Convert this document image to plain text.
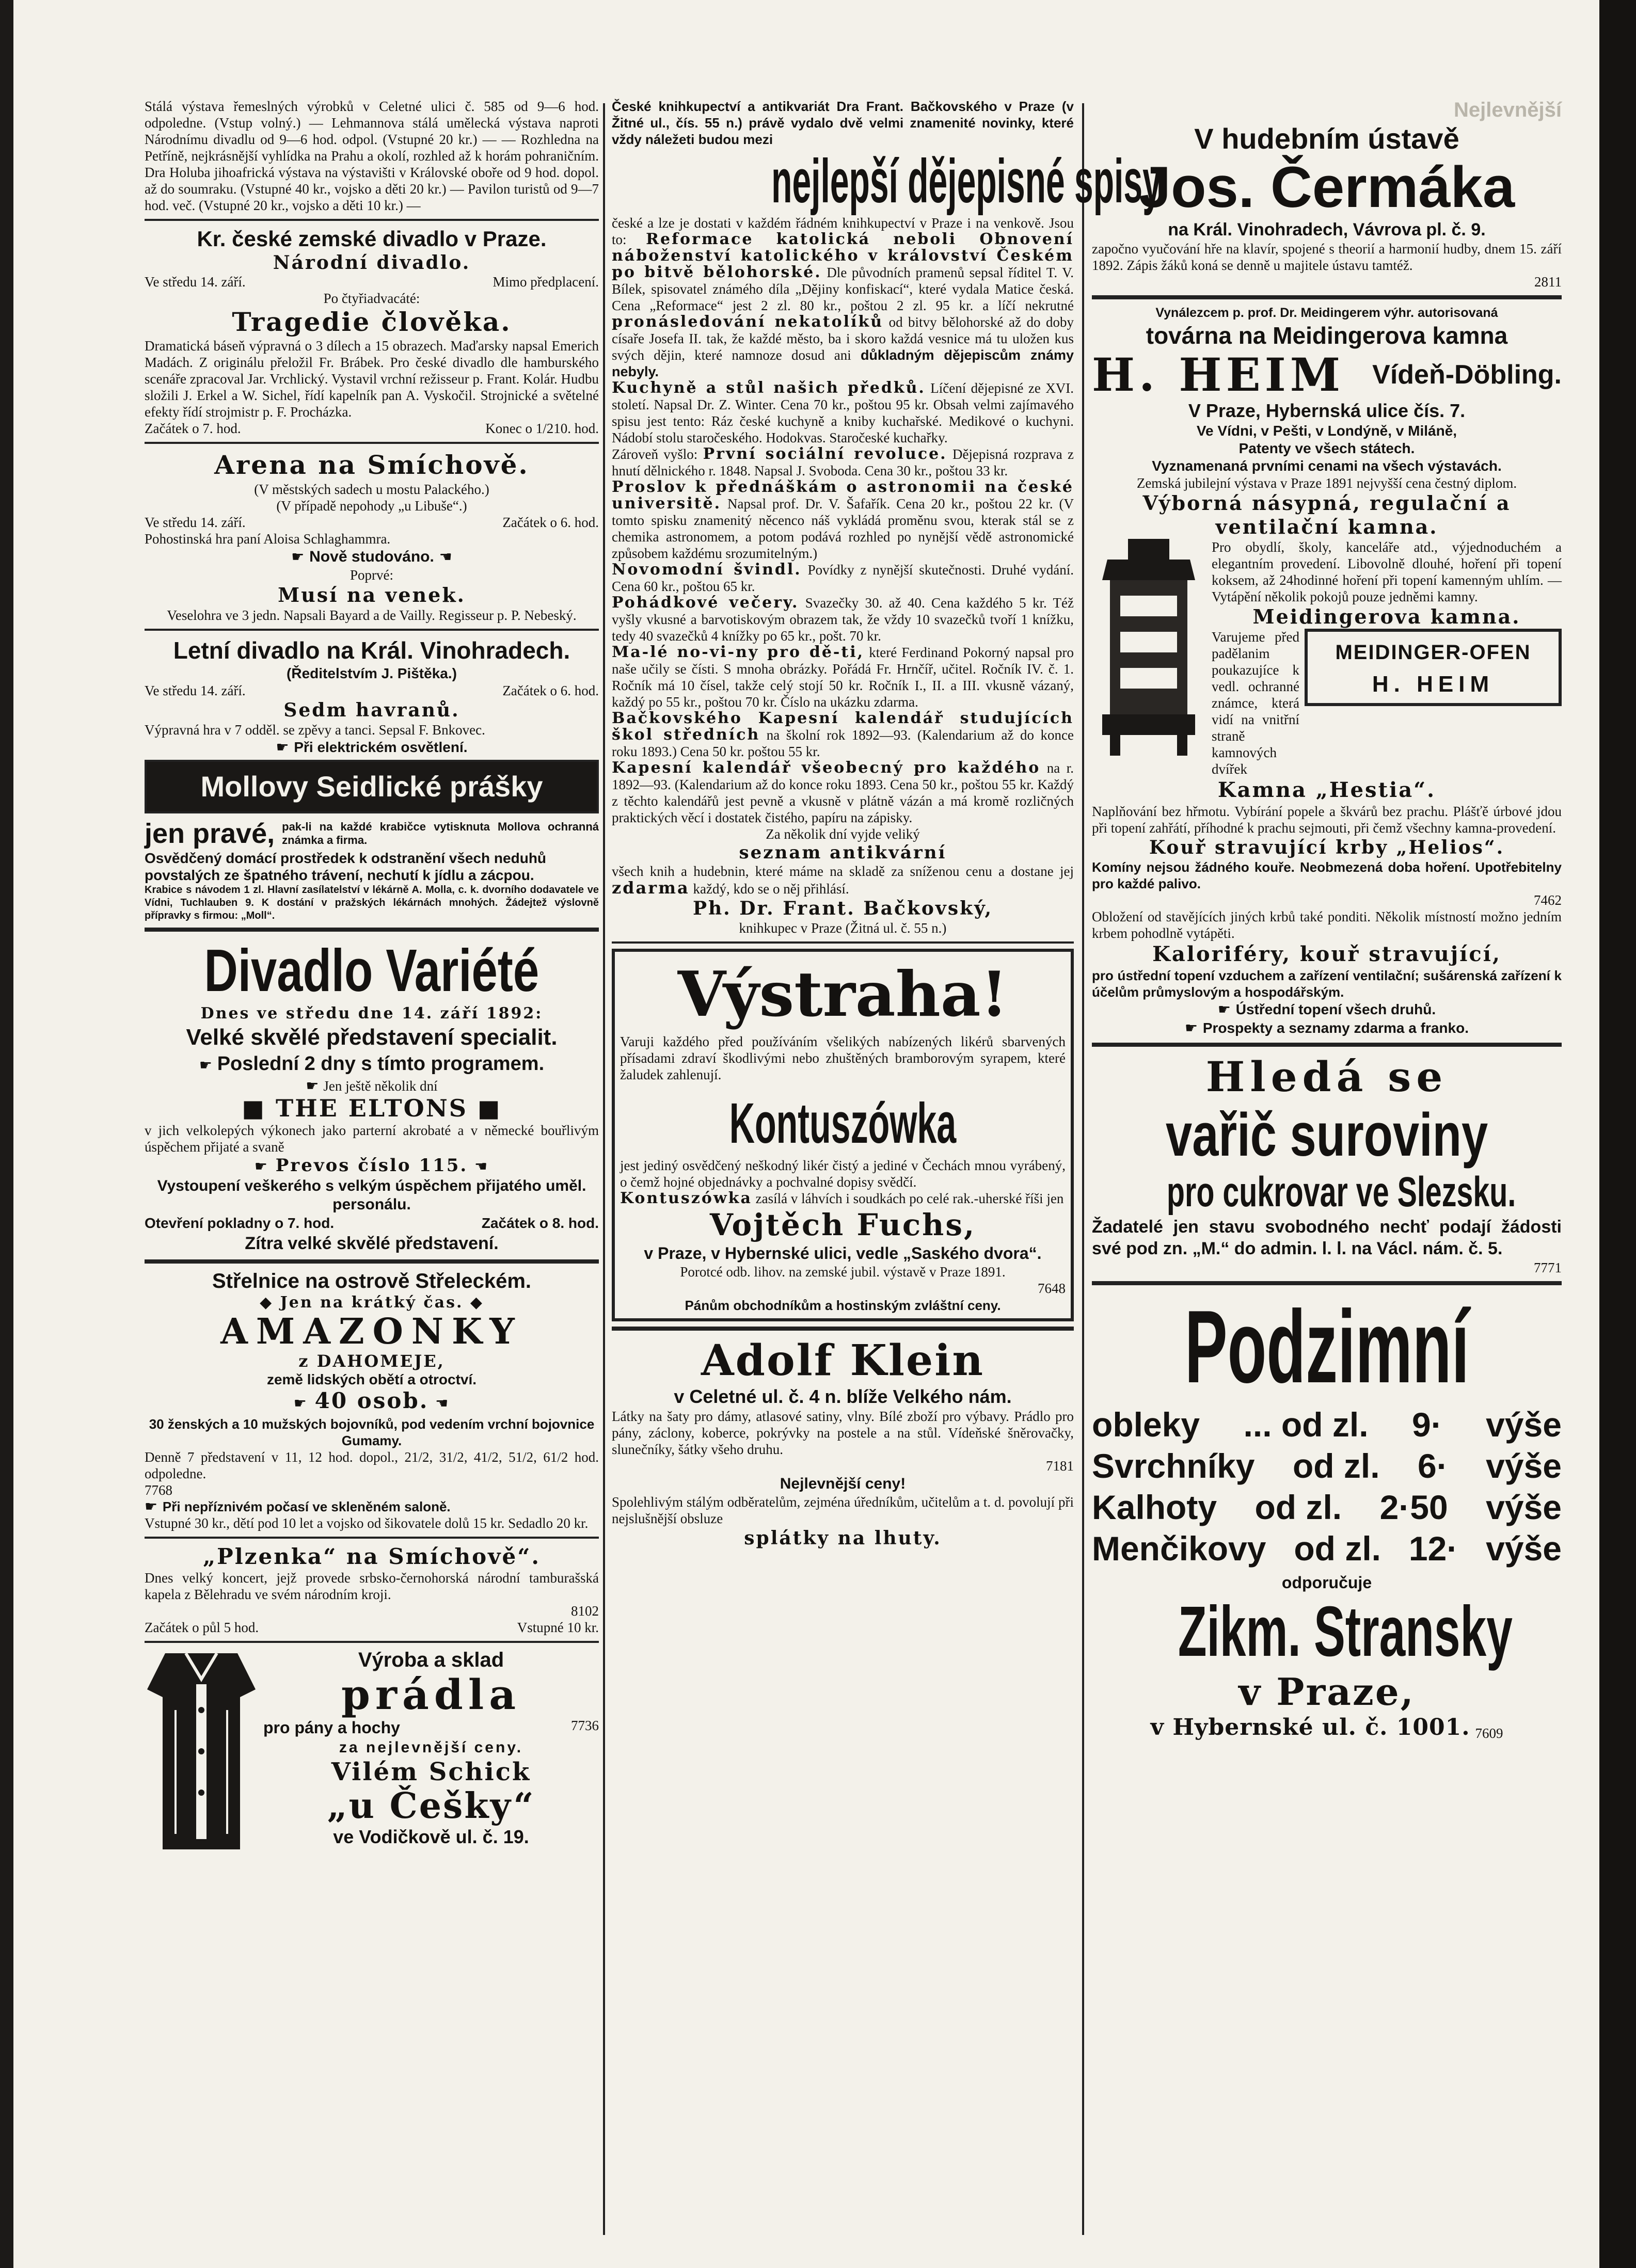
Stálá výstava řemeslných výrobků v Celetné ulici č. 585 od 9—6 hod. odpoledne. (Vstup volný.) — Lehmannova stálá umělecká výstava naproti Národnímu divadlu od 9—6 hod. odpol. (Vstupné 20 kr.) — — Rozhledna na Petříně, nejkrásnější vyhlídka na Prahu a okolí, rozhled až k horám pohraničním. Dra Holuba jihoafrická výstava na výstavišti v Královské oboře od 9 hod. dopol. až do soumraku. (Vstupné 40 kr., vojsko a děti 20 kr.) — Pavilon turistů od 9—7 hod. več. (Vstupné 20 kr., vojsko a děti 10 kr.) —

Kr. české zemské divadlo v Praze.

Národní divadlo.

Ve středu 14. září.	Mimo předplacení.

Po čtyřiadvacáté:

Tragedie člověka.

Dramatická báseň výpravná o 3 dílech a 15 obrazech. Maďarsky napsal Emerich Madách. Z originálu přeložil Fr. Brábek. Pro české divadlo dle hamburského scenáře zpracoval Jar. Vrchlický. Vystavil vrchní režisseur p. Frant. Kolár. Hudbu složili J. Erkel a W. Sichel, řídí kapelník pan A. Vyskočil. Strojnické a světelné efekty řídí strojmistr p. F. Procházka.

Začátek o 7. hod.	Konec o 1/210. hod.

Arena na Smíchově.

(V městských sadech u mostu Palackého.)

(V případě nepohody „u Libuše“.)

Ve středu 14. září.	Začátek o 6. hod.

Pohostinská hra paní Aloisa Schlaghammra.

☛ Nově studováno. ☚

Poprvé:

Musí na venek.

Veselohra ve 3 jedn. Napsali Bayard a de Vailly. Regisseur p. P. Nebeský.

Letní divadlo na Král. Vinohradech.

(Ředitelstvím J. Pištěka.)

Ve středu 14. září.	Začátek o 6. hod.

Sedm havranů.

Výpravná hra v 7 odděl. se zpěvy a tanci. Sepsal F. Bnkovec.

☛ Při elektrickém osvětlení.

Mollovy Seidlické prášky
jen pravé, pak-li na každé krabičce vytisknuta Mollova ochranná známka a firma.

Osvědčený domácí prostředek k odstranění všech neduhů povstalých ze špatného trávení, nechutí k jídlu a zácpou.

Krabice s návodem 1 zl. Hlavní zasílatelství v lékárně A. Molla, c. k. dvorního dodavatele ve Vídni, Tuchlauben 9. K dostání v pražských lékárnách mnohých. Žádejtež výslovně přípravky s firmou: „Moll“.

Divadlo Variété

Dnes ve středu dne 14. září 1892:

Velké skvělé představení specialit.

☛ Poslední 2 dny s tímto programem.

☛ Jen ještě několik dní

■ THE ELTONS ■

v jich velkolepých výkonech jako parterní akrobaté a v německé bouřlivým úspěchem přijaté a svaně

☛ Prevos číslo 115. ☚

Vystoupení veškerého s velkým úspěchem přijatého uměl. personálu.

Otevření pokladny o 7. hod.	Začátek o 8. hod.

Zítra velké skvělé představení.

Střelnice na ostrově Střeleckém.

◆ Jen na krátký čas. ◆

AMAZONKY

z DAHOMEJE,

země lidských obětí a otroctví.

☛ 40 osob. ☚

30 ženských a 10 mužských bojovníků, pod vedením vrchní bojovnice Gumamy.

Denně 7 představení v 11, 12 hod. dopol., 21/2, 31/2, 41/2, 51/2, 61/2 hod. odpoledne.

7768

☛ Při nepříznivém počasí ve skleněném saloně.

Vstupné 30 kr., dětí pod 10 let a vojsko od šikovatele dolů 15 kr. Sedadlo 20 kr.

„Plzenka“ na Smíchově“.

Dnes velký koncert, jejž provede srbsko-černohorská národní tamburašská kapela z Bělehradu ve svém národním kroji.

8102

Začátek o půl 5 hod.	Vstupné 10 kr.

Výroba a sklad

prádla

pro pány a hochy	7736

za nejlevnější ceny.

Vilém Schick

„u Češky“

ve Vodičkově ul. č. 19.

České knihkupectví a antikvariát Dra Frant. Bačkovského v Praze (v Žitné ul., čís. 55 n.) právě vydalo dvě velmi znamenité novinky, které vždy náležeti budou mezi

nejlepší dějepisné spisy

české a lze je dostati v každém řádném knihkupectví v Praze i na venkově. Jsou to: Reformace katolická neboli Obnovení náboženství katolického v království Českém po bitvě bělohorské. Dle původních pramenů sepsal říditel T. V. Bílek, spisovatel známého díla „Dějiny konfiskací“, které vydala Matice česká. Cena „Reformace“ jest 2 zl. 80 kr., poštou 2 zl. 95 kr. a líčí nekrutné pronásledování nekatolíků od bitvy bělohorské až do doby císaře Josefa II. tak, že každé město, ba i skoro každá vesnice má tu uložen kus svých dějin, které namnoze dosud ani důkladným dějepiscům známy nebyly.

Kuchyně a stůl našich předků. Líčení dějepisné ze XVI. století. Napsal Dr. Z. Winter. Cena 70 kr., poštou 95 kr. Obsah velmi zajímavého spisu jest tento: Ráz české kuchyně a kniby kuchařské. Medikové o kuchyni. Nádobí stolu staročeského. Hodokvas. Staročeské kuchařky.

Zároveň vyšlo: První sociální revoluce. Dějepisná rozprava z hnutí dělnického r. 1848. Napsal J. Svoboda. Cena 30 kr., poštou 33 kr.

Proslov k přednáškám o astronomii na české universitě. Napsal prof. Dr. V. Šafařík. Cena 20 kr., poštou 22 kr. (V tomto spisku znamenitý něcenco náš vykládá proměnu svou, kterak stál se z chemika astronomem, a potom podává rozhled po nynější vědě astronomické způsobem každému srozumitelným.)

Novomodní švindl. Povídky z nynější skutečnosti. Druhé vydání. Cena 60 kr., poštou 65 kr.

Pohádkové večery. Svazečky 30. až 40. Cena každého 5 kr. Též vyšly vkusné a barvotiskovým obrazem tak, že vždy 10 svazečků tvoří 1 knížku, tedy 40 svazečků 4 knížky po 65 kr., pošt. 70 kr.

Ma-lé no-vi-ny pro dě-ti, které Ferdinand Pokorný napsal pro naše učily se čísti. S mnoha obrázky. Pořádá Fr. Hrnčíř, učitel. Ročník IV. č. 1. Ročník má 10 čísel, takže celý stojí 50 kr. Ročník I., II. a III. vkusně vázaný, každý po 55 kr., poštou 70 kr. Číslo na ukázku zdarma.

Bačkovského Kapesní kalendář studujících škol středních na školní rok 1892—93. (Kalendarium až do konce roku 1893.) Cena 50 kr. poštou 55 kr.

Kapesní kalendář všeobecný pro každého na r. 1892—93. (Kalendarium až do konce roku 1893. Cena 50 kr., poštou 55 kr. Každý z těchto kalendářů jest pevně a vkusně v plátně vázán a má kromě rozličných praktických věcí i dostatek čistého, papíru na zápisky.

Za několik dní vyjde veliký

seznam antikvární

všech knih a hudebnin, které máme na skladě za sníženou cenu a dostane jej zdarma každý, kdo se o něj přihlásí.

Ph. Dr. Frant. Bačkovský,

knihkupec v Praze (Žitná ul. č. 55 n.)

Výstraha!

Varuji každého před používáním všelikých nabízených likérů sbarvených přísadami zdraví škodlivými nebo zhuštěných bramborovým syrapem, které žaludek zahlenují.

Kontuszówka

jest jediný osvědčený neškodný likér čistý a jediné v Čechách mnou vyrábený, o čemž hojné objednávky a pochvalné dopisy svědčí.

Kontuszówka zasílá v láhvích i soudkách po celé rak.-uherské říši jen

Vojtěch Fuchs,

v Praze, v Hybernské ulici, vedle „Saského dvora“.

Porotcé odb. lihov. na zemské jubil. výstavě v Praze 1891.

7648

Pánům obchodníkům a hostinským zvláštní ceny.

Adolf Klein

v Celetné ul. č. 4 n. blíže Velkého nám.

Látky na šaty pro dámy, atlasové satiny, vlny. Bílé zboží pro výbavy. Prádlo pro pány, záclony, koberce, pokrývky na postele a na stůl. Vídeňské šněrovačky, slunečníky, šátky všeho druhu.

7181

Nejlevnější ceny!

Spolehlivým stálým odběratelům, zejména úředníkům, učitelům a t. d. povolují při nejslušnější obsluze

splátky na lhuty.

Nejlevnější

V hudebním ústavě

Jos. Čermáka

na Král. Vinohradech, Vávrova pl. č. 9.

započno vyučování hře na klavír, spojené s theorií a harmonií hudby, dnem 15. září 1892. Zápis žáků koná se denně u majitele ústavu tamtéž.

2811

Vynálezcem p. prof. Dr. Meidingerem výhr. autorisovaná

továrna na Meidingerova kamna

H. HEIM Vídeň-Döbling.

V Praze, Hybernská ulice čís. 7.

Ve Vídni, v Pešti, v Londýně, v Miláně,

Patenty ve všech státech.

Vyznamenaná prvními cenami na všech výstavách.

Zemská jubilejní výstava v Praze 1891 nejvyšší cena čestný diplom.

Výborná násypná, regulační a ventilační kamna.

Pro obydlí, školy, kanceláře atd., výjednoduchém a elegantním provedení. Libovolně dlouhé, hoření při topení koksem, až 24hodinné hoření při topení kamenným uhlím. — Vytápění několik pokojů pouze jedněmi kamny.

Meidingerova kamna.

Varujeme před padělanim poukazujíce k vedl. ochranné známce, která vidí na vnitřní straně kamnových dvířek

MEIDINGER-OFEN

H. HEIM

Kamna „Hestia“.

Naplňování bez hřmotu. Vybírání popele a škvárů bez prachu. Plášťě úrbové jdou při topení zahřátí, příhodné k prachu sejmouti, při čemž všechny kamna-provedení.

Kouř stravující krby „Helios“.

Komíny nejsou žádného kouře. Neobmezená doba hoření. Upotřebitelny pro každé palivo.

7462

Obložení od stavějících jiných krbů také ponditi. Několik místností možno jedním krbem pohodlně vytápěti.

Kaloriféry, kouř stravující,

pro ústřední topení vzduchem a zařízení ventilační; sušárenská zařízení k účelům průmyslovým a hospodářským.

☛ Ústřední topení všech druhů.

☛ Prospekty a seznamy zdarma a franko.

Hledá se

vařič suroviny

pro cukrovar ve Slezsku.

Žadatelé jen stavu svobodného nechť podají žádosti své pod zn. „M.“ do admin. l. l. na Václ. nám. č. 5.

7771

Podzimní

obleky ... od zl. 9· výše
Svrchníky od zl. 6· výše
Kalhoty od zl. 2·50 výše
Menčikovy od zl. 12· výše

odporučuje

Zikm. Stransky

v Praze,

v Hybernské ul. č. 1001. 7609
